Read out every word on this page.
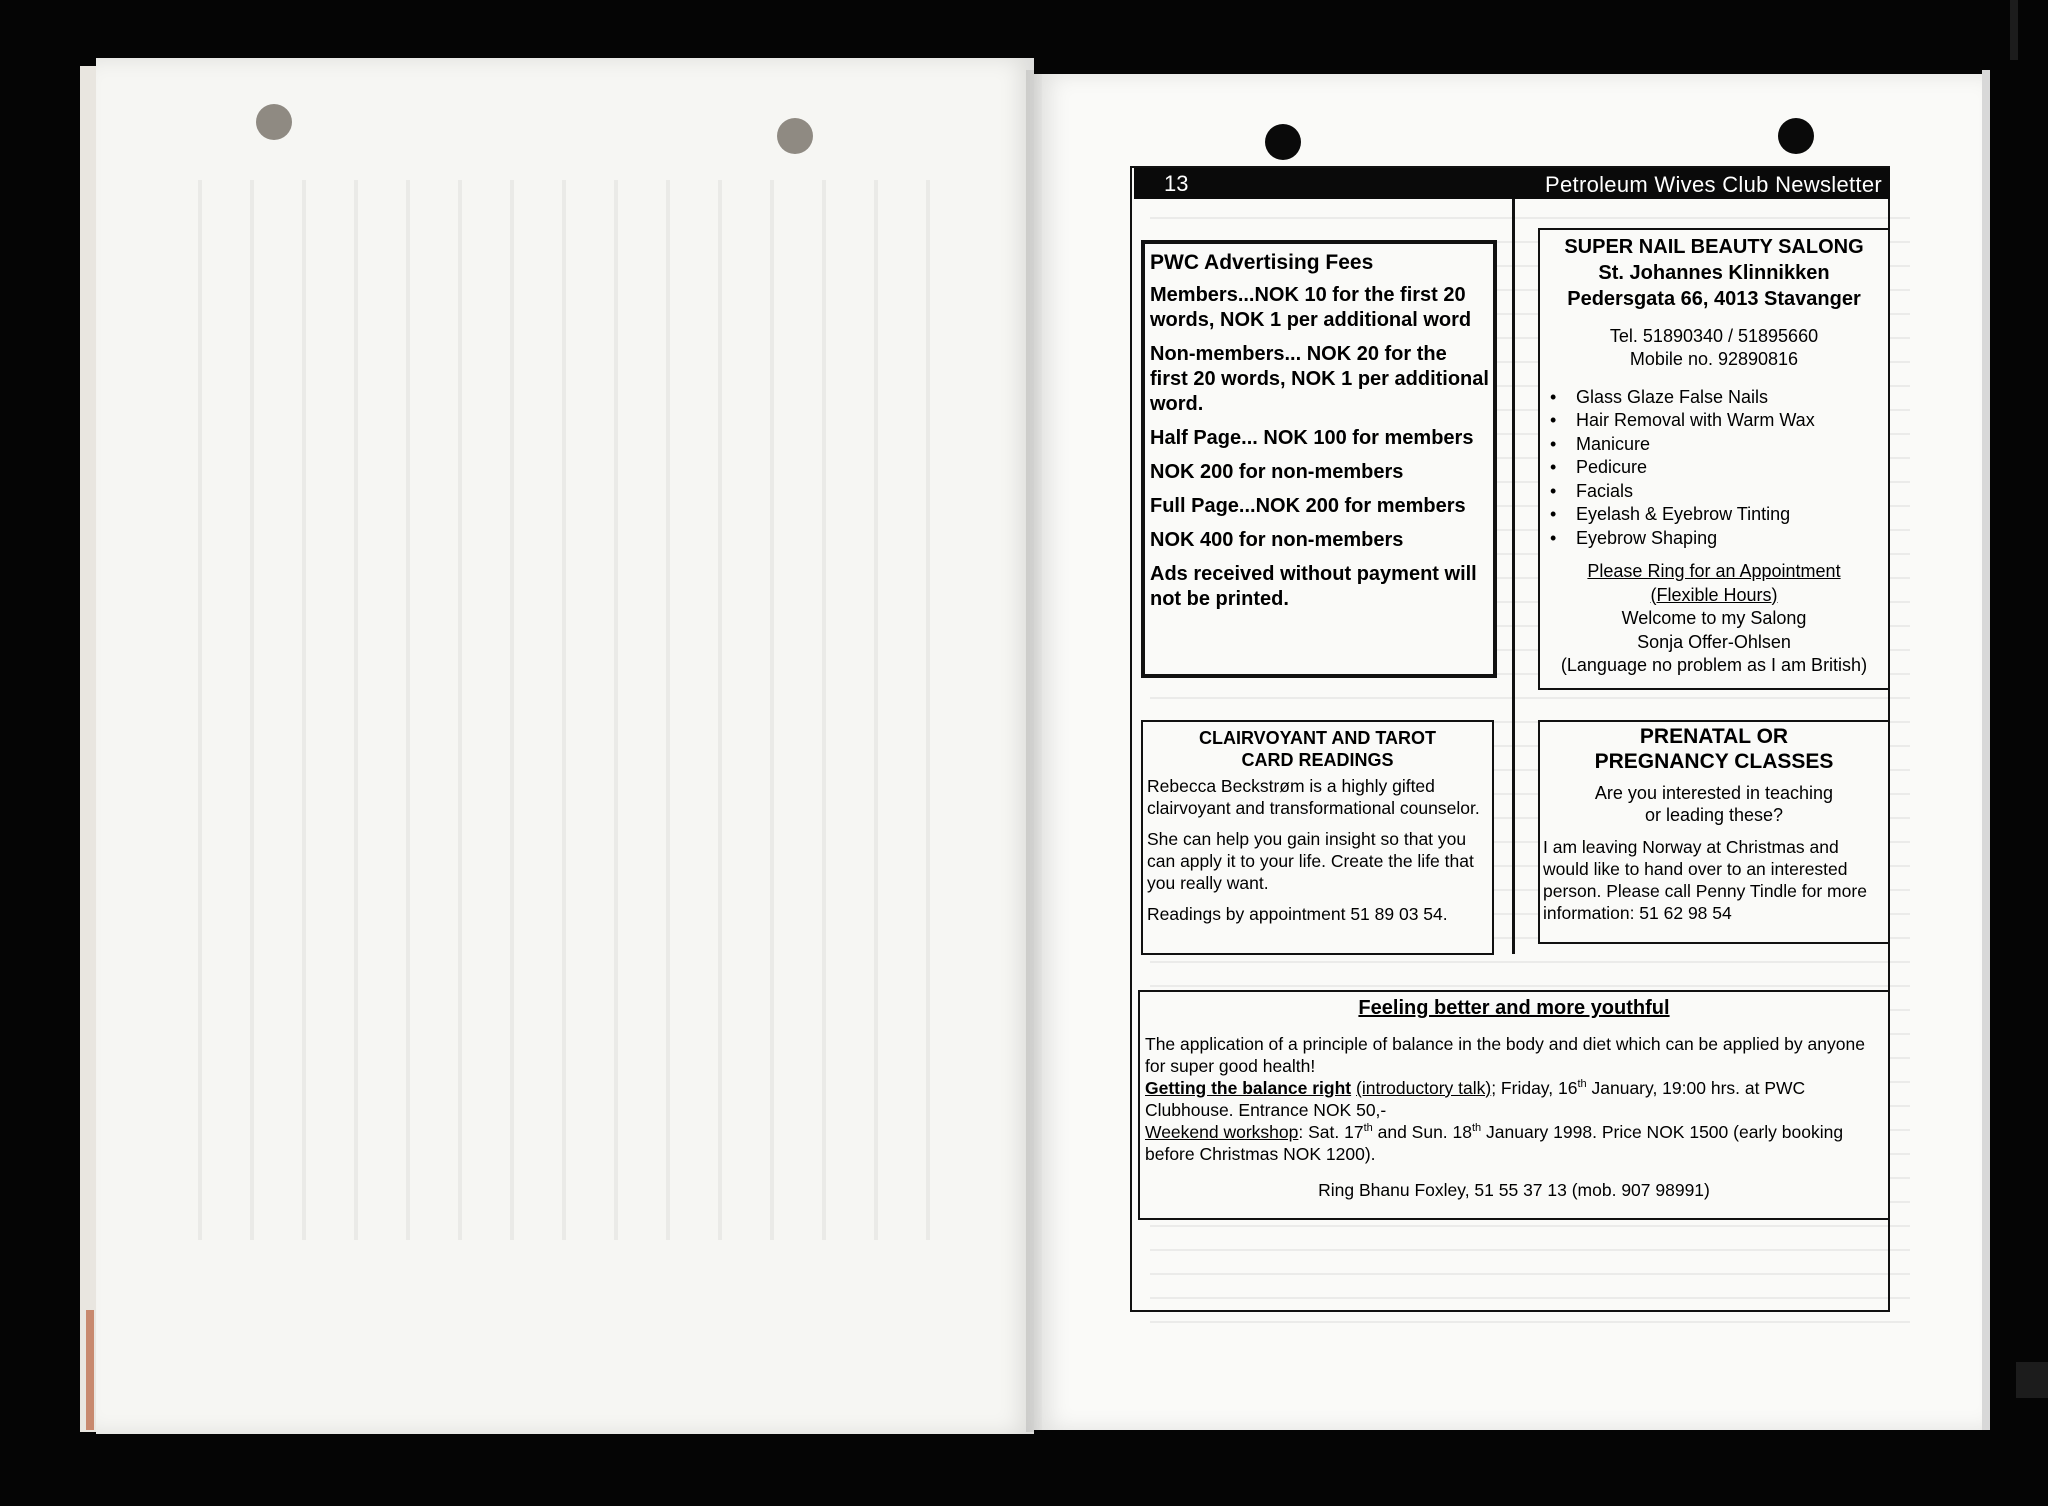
13	Petroleum Wives Club Newsletter

PWC Advertising Fees

Members...NOK 10 for the first 20 words, NOK 1 per additional word

Non-members... NOK 20 for the first 20 words, NOK 1 per additional word.

Half Page... NOK 100 for members

NOK 200 for non-members

Full Page...NOK 200 for members

NOK 400 for non-members

Ads received without payment will not be printed.

SUPER NAIL BEAUTY SALONG
St. Johannes Klinnikken
Pedersgata 66, 4013 Stavanger
Tel. 51890340 / 51895660
Mobile no. 92890816
• Glass Glaze False Nails
• Hair Removal with Warm Wax
• Manicure
• Pedicure
• Facials
• Eyelash & Eyebrow Tinting
• Eyebrow Shaping
Please Ring for an Appointment
(Flexible Hours)
Welcome to my Salong
Sonja Offer-Ohlsen
(Language no problem as I am British)
CLAIRVOYANT AND TAROT
CARD READINGS

Rebecca Beckstrøm is a highly gifted clairvoyant and transformational counselor.

She can help you gain insight so that you can apply it to your life. Create the life that you really want.

Readings by appointment 51 89 03 54.

PRENATAL OR
PREGNANCY CLASSES
Are you interested in teaching
or leading these?
I am leaving Norway at Christmas and would like to hand over to an interested person. Please call Penny Tindle for more information: 51 62 98 54
Feeling better and more youthful

The application of a principle of balance in the body and diet which can be applied by anyone for super good health!

Getting the balance right (introductory talk); Friday, 16th January, 19:00 hrs. at PWC Clubhouse. Entrance NOK 50,-

Weekend workshop: Sat. 17th and Sun. 18th January 1998. Price NOK 1500 (early booking before Christmas NOK 1200).

Ring Bhanu Foxley, 51 55 37 13 (mob. 907 98991)
